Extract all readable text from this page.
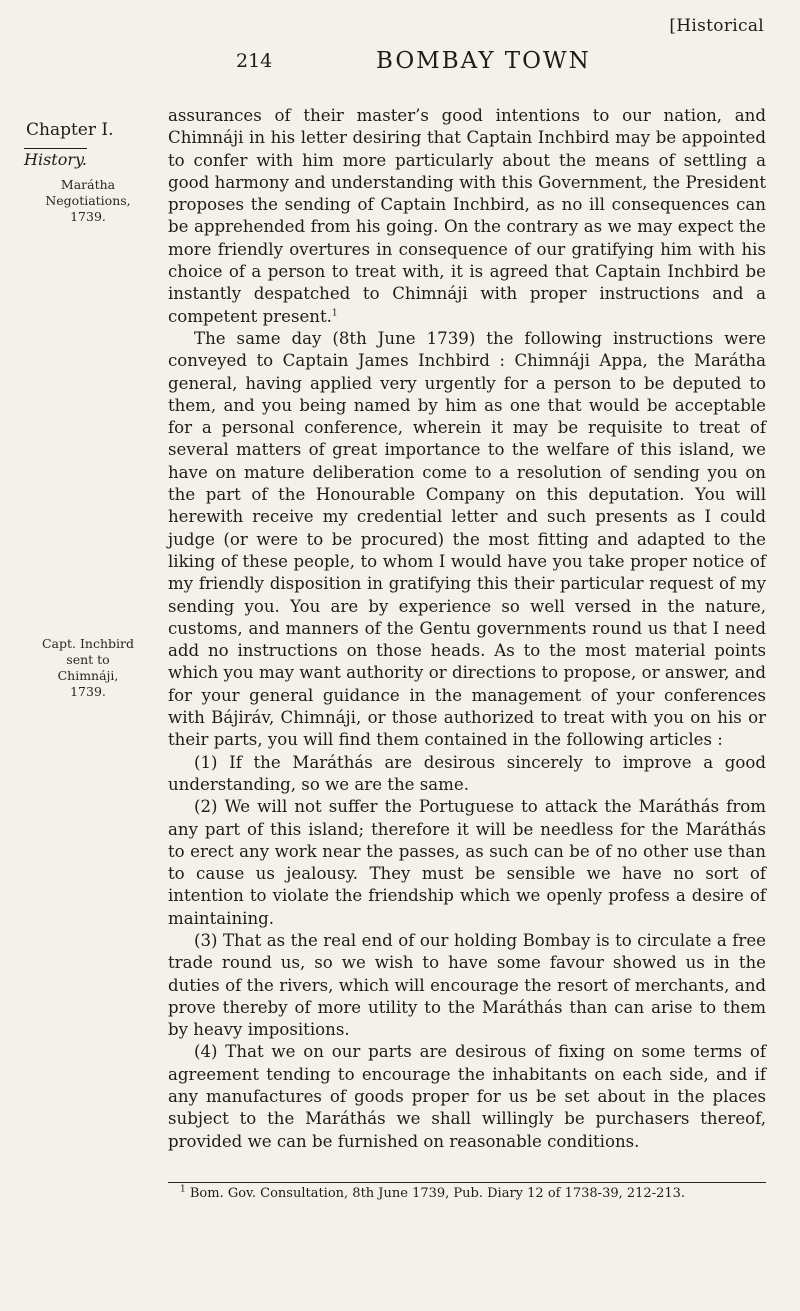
[Historical
214	BOMBAY TOWN
Chapter I.
History.
Marátha
Negotiations,
1739.
Capt. Inchbird
sent to
Chimnáji,
1739.

assurances of their master’s good intentions to our nation, and Chimnáji in his letter desiring that Captain Inchbird may be appointed to confer with him more particularly about the means of settling a good harmony and understanding with this Government, the President proposes the sending of Captain Inchbird, as no ill consequences can be apprehended from his going. On the contrary as we may expect the more friendly overtures in consequence of our gratifying him with his choice of a person to treat with, it is agreed that Captain Inchbird be instantly despatched to Chimnáji with proper instructions and a competent present.$^1$

The same day (8th June 1739) the following instructions were conveyed to Captain James Inchbird : Chimnáji Appa, the Marátha general, having applied very urgently for a person to be deputed to them, and you being named by him as one that would be acceptable for a personal conference, wherein it may be requisite to treat of several matters of great importance to the welfare of this island, we have on mature deliberation come to a resolution of sending you on the part of the Honourable Company on this deputation. You will herewith receive my credential letter and such presents as I could judge (or were to be procured) the most fitting and adapted to the liking of these people, to whom I would have you take proper notice of my friendly disposition in gratifying this their particular request of my sending you. You are by experience so well versed in the nature, customs, and manners of the Gentu governments round us that I need add no instructions on those heads. As to the most material points which you may want authority or directions to propose, or answer, and for your general guidance in the management of your conferences with Bájiráv, Chimnáji, or those authorized to treat with you on his or their parts, you will find them contained in the following articles :

(1) If the Maráthás are desirous sincerely to improve a good understanding, so we are the same.

(2) We will not suffer the Portuguese to attack the Maráthás from any part of this island; therefore it will be needless for the Maráthás to erect any work near the passes, as such can be of no other use than to cause us jealousy. They must be sensible we have no sort of intention to violate the friendship which we openly profess a desire of maintaining.

(3) That as the real end of our holding Bombay is to circulate a free trade round us, so we wish to have some favour showed us in the duties of the rivers, which will encourage the resort of merchants, and prove thereby of more utility to the Maráthás than can arise to them by heavy impositions.

(4) That we on our parts are desirous of fixing on some terms of agreement tending to encourage the inhabitants on each side, and if any manufactures of goods proper for us be set about in the places subject to the Maráthás we shall willingly be purchasers thereof, provided we can be furnished on reasonable conditions.

$^1$ Bom. Gov. Consultation, 8th June 1739, Pub. Diary 12 of 1738-39, 212-213.
